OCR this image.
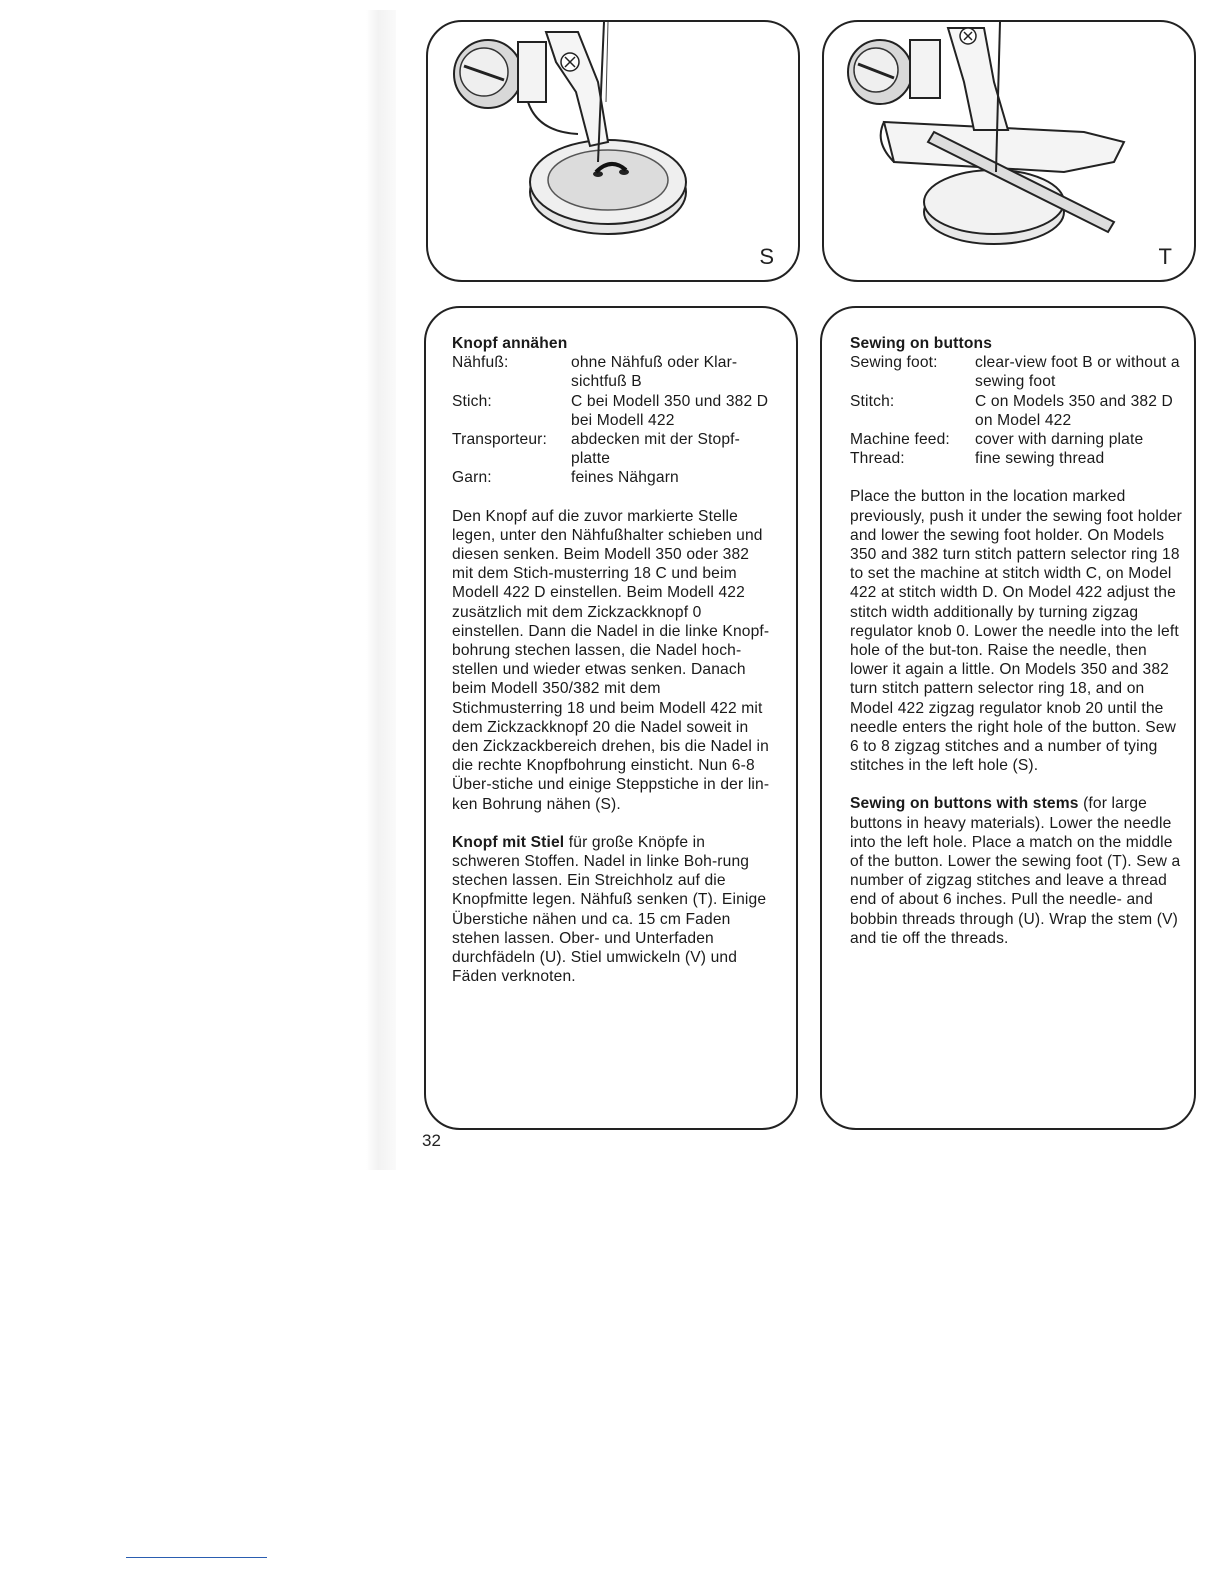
S	T
Knopf annähen
Nähfuß:	ohne Nähfuß oder Klar-sichtfuß B
Stich:	C bei Modell 350 und 382 D bei Modell 422
Transporteur:	abdecken mit der Stopf-platte
Garn:	feines Nähgarn

Den Knopf auf die zuvor markierte Stelle legen, unter den Nähfußhalter schieben und diesen senken. Beim Modell 350 oder 382 mit dem Stich-musterring 18 C und beim Modell 422 D einstellen. Beim Modell 422 zusätzlich mit dem Zickzackknopf 0 einstellen. Dann die Nadel in die linke Knopf-bohrung stechen lassen, die Nadel hoch-stellen und wieder etwas senken. Danach beim Modell 350/382 mit dem Stichmusterring 18 und beim Modell 422 mit dem Zickzackknopf 20 die Nadel soweit in den Zickzackbereich drehen, bis die Nadel in die rechte Knopfbohrung einsticht. Nun 6-8 Über-stiche und einige Steppstiche in der lin-ken Bohrung nähen (S).

Knopf mit Stiel für große Knöpfe in schweren Stoffen. Nadel in linke Boh-rung stechen lassen. Ein Streichholz auf die Knopfmitte legen. Nähfuß senken (T). Einige Überstiche nähen und ca. 15 cm Faden stehen lassen. Ober- und Unterfaden durchfädeln (U). Stiel umwickeln (V) und Fäden verknoten.

Sewing on buttons
Sewing foot:	clear-view foot B or without a sewing foot
Stitch:	C on Models 350 and 382 D on Model 422
Machine feed:	cover with darning plate
Thread:	fine sewing thread

Place the button in the location marked previously, push it under the sewing foot holder and lower the sewing foot holder. On Models 350 and 382 turn stitch pattern selector ring 18 to set the machine at stitch width C, on Model 422 at stitch width D. On Model 422 adjust the stitch width additionally by turning zigzag regulator knob 0. Lower the needle into the left hole of the but-ton. Raise the needle, then lower it again a little. On Models 350 and 382 turn stitch pattern selector ring 18, and on Model 422 zigzag regulator knob 20 until the needle enters the right hole of the button. Sew 6 to 8 zigzag stitches and a number of tying stitches in the left hole (S).

Sewing on buttons with stems (for large buttons in heavy materials). Lower the needle into the left hole. Place a match on the middle of the button. Lower the sewing foot (T). Sew a number of zigzag stitches and leave a thread end of about 6 inches. Pull the needle- and bobbin threads through (U). Wrap the stem (V) and tie off the threads.

32
